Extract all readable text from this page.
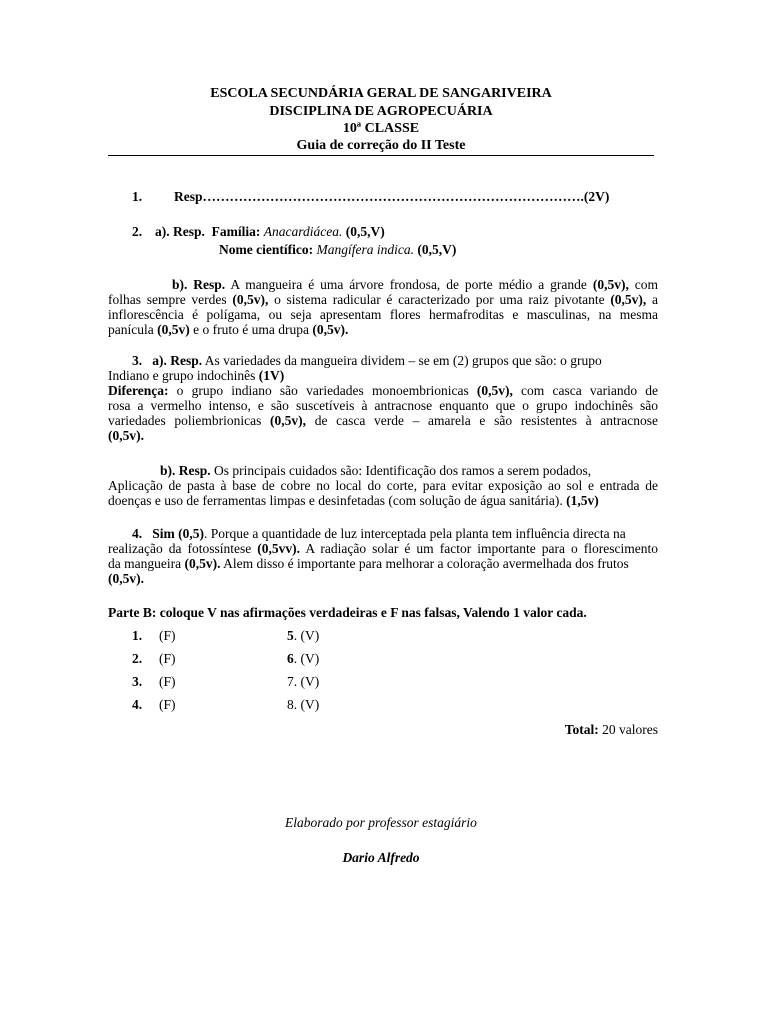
ESCOLA SECUNDÁRIA GERAL DE SANGARIVEIRA
DISCIPLINA DE AGROPECUÁRIA
10ª CLASSE
Guia de correção do II Teste
1. Resp………………………………………………………………………….(2V)
2. a). Resp. Família: Anacardiácea. (0,5,V)
Nome científico: Mangífera indica. (0,5,V)
b). Resp. A mangueira é uma árvore frondosa, de porte médio a grande (0,5v), com
folhas sempre verdes (0,5v), o sistema radicular é caracterizado por uma raiz pivotante (0,5v), a
inflorescência é polígama, ou seja apresentam flores hermafroditas e masculinas, na mesma
panícula (0,5v) e o fruto é uma drupa (0,5v).
3. a). Resp. As variedades da mangueira dividem – se em (2) grupos que são: o grupo
Indiano e grupo indochinês (1V)
Diferença: o grupo indiano são variedades monoembrionicas (0,5v), com casca variando de
rosa a vermelho intenso, e são suscetíveis à antracnose enquanto que o grupo indochinês são
variedades poliembrionicas (0,5v), de casca verde – amarela e são resistentes à antracnose
(0,5v).
b). Resp. Os principais cuidados são: Identificação dos ramos a serem podados,
Aplicação de pasta à base de cobre no local do corte, para evitar exposição ao sol e entrada de
doenças e uso de ferramentas limpas e desinfetadas (com solução de água sanitária). (1,5v)
4. Sim (0,5). Porque a quantidade de luz interceptada pela planta tem influência directa na
realização da fotossíntese (0,5vv). A radiação solar é um factor importante para o florescimento
da mangueira (0,5v). Alem disso é importante para melhorar a coloração avermelhada dos frutos
(0,5v).
Parte B: coloque V nas afirmações verdadeiras e F nas falsas, Valendo 1 valor cada.
1. (F)
2. (F)
3. (F)
4. (F)
5. (V)
6. (V)
7. (V)
8. (V)
Total: 20 valores
Elaborado por professor estagiário
Dario Alfredo
